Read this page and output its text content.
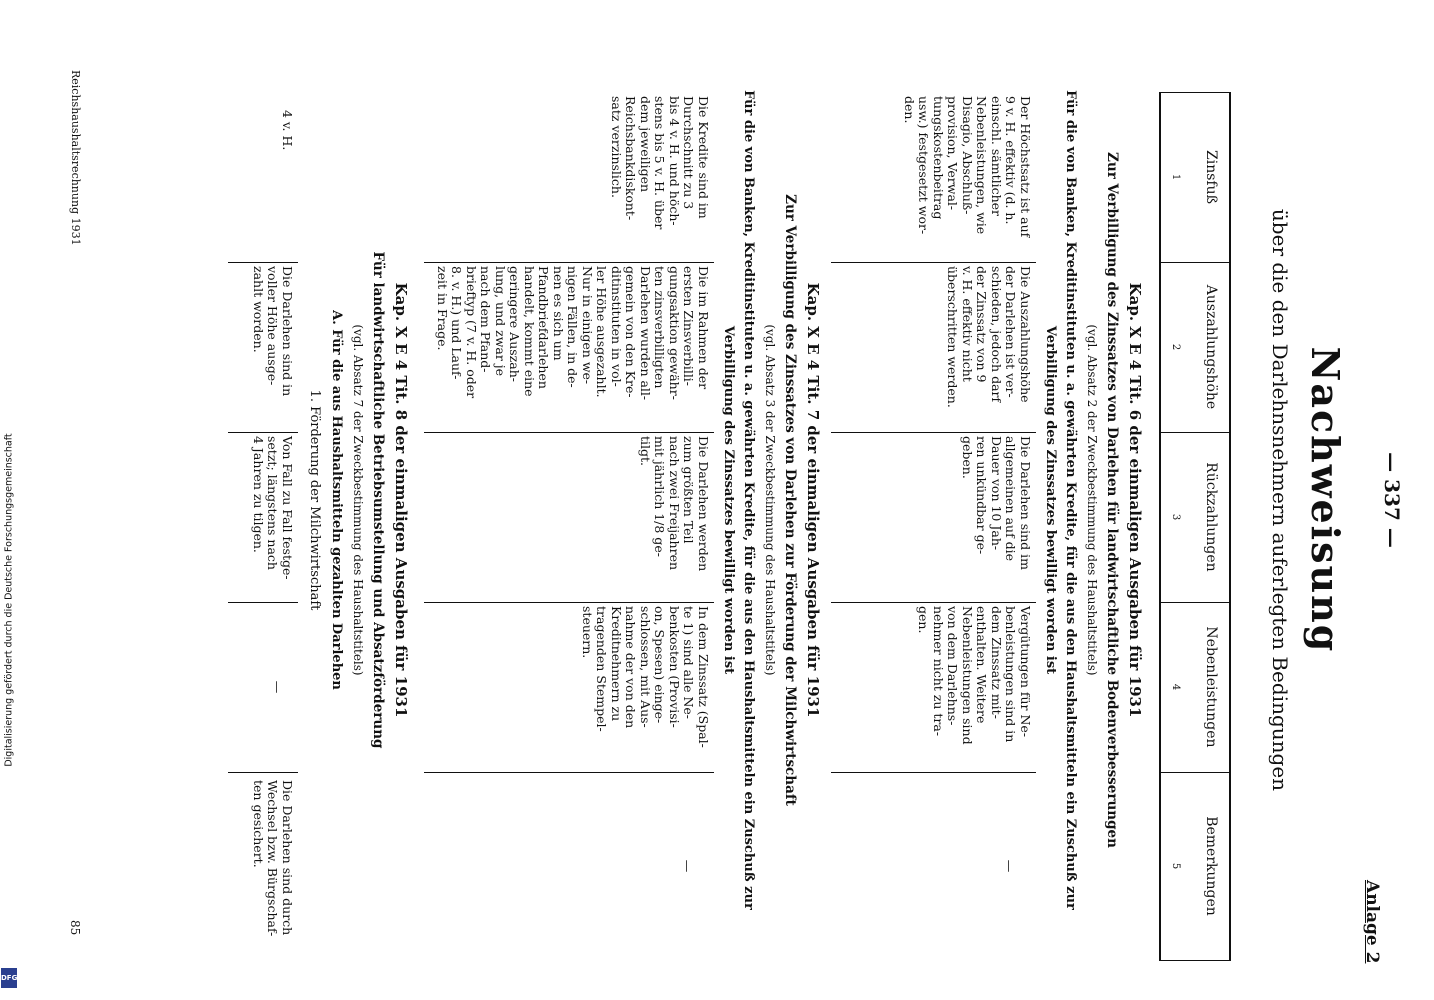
— 337 —
Anlage 2
Nachweisung
über die den Darlehnsnehmern auferlegten Bedingungen
Zinsfuß
1
Auszahlungshöhe
2
Rückzahlungen
3
Nebenleistungen
4
Bemerkungen
5
Kap. X E 4 Tit. 6 der einmaligen Ausgaben für 1931
Zur Verbilligung des Zinssatzes von Darlehen für landwirtschaftliche Bodenverbesserungen
(vgl. Absatz 2 der Zweckbestimmung des Haushaltstitels)
Für die von Banken, Kreditinstituten u. a. gewährten Kredite, für die aus den Haushaltsmitteln ein Zuschuß zur
Verbilligung des Zinssatzes bewilligt worden ist
Der Höchstsatz ist auf
9 v. H. effektiv (d. h.
einschl. sämtlicher
Nebenleistungen, wie
Disagio, Abschluß-
provision, Verwal-
tungskostenbeitrag
usw.) festgesetzt wor-
den.
Die Auszahlungshöhe
der Darlehen ist ver-
schieden, jedoch darf
der Zinssatz von 9
v. H. effektiv nicht
überschritten werden.
Die Darlehen sind im
allgemeinen auf die
Dauer von 10 Jah-
ren unkündbar ge-
geben.
Vergütungen für Ne-
benleistungen sind in
dem Zinssatz mit-
enthalten. Weitere
Nebenleistungen sind
von dem Darlehns-
nehmer nicht zu tra-
gen.
—
Kap. X E 4 Tit. 7 der einmaligen Ausgaben für 1931
Zur Verbilligung des Zinssatzes von Darlehen zur Förderung der Milchwirtschaft
(vgl. Absatz 3 der Zweckbestimmung des Haushaltstitels)
Für die von Banken, Kreditinstituten u. a. gewährten Kredite, für die aus den Haushaltsmitteln ein Zuschuß zur
Verbilligung des Zinssatzes bewilligt worden ist
Die Kredite sind im
Durchschnitt zu 3
bis 4 v. H. und höch-
stens bis 5 v. H. über
dem jeweiligen
Reichsbankdiskont-
satz verzinslich.
Die im Rahmen der
ersten Zinsverbilli-
gungsaktion gewähr-
ten zinsverbilligten
Darlehen wurden all-
gemein von den Kre-
ditinstituten in vol-
ler Höhe ausgezahlt.
Nur in einigen we-
nigen Fällen, in de-
nen es sich um
Pfandbriefdarlehen
handelt, kommt eine
geringere Auszah-
lung, und zwar je
nach dem Pfand-
brieftyp (7 v. H. oder
8. v. H.) und Lauf-
zeit in Frage.
Die Darlehen werden
zum größten Teil
nach zwei Freijahren
mit jährlich 1/8 ge-
tilgt.
In dem Zinssatz (Spal-
te 1) sind alle Ne-
benkosten (Provisi-
on, Spesen) einge-
schlossen, mit Aus-
nahme der von den
Kreditnehmern zu
tragenden Stempel-
steuern.
—
Kap. X E 4 Tit. 8 der einmaligen Ausgaben für 1931
Für landwirtschaftliche Betriebsumstellung und Absatzförderung
(vgl. Absatz 7 der Zweckbestimmung des Haushaltstitels)
A. Für die aus Haushaltsmitteln gezahlten Darlehen
1. Förderung der Milchwirtschaft
4 v. H.
Die Darlehen sind in
voller Höhe ausge-
zahlt worden.
Von Fall zu Fall festge-
setzt; längstens nach
4 Jahren zu tilgen.
—
Die Darlehen sind durch
Wechsel bzw. Bürgschaf-
ten gesichert.
Reichshaushaltsrechnung 1931
85
Digitalisierung gefördert durch die Deutsche Forschungsgemeinschaft
DFG
